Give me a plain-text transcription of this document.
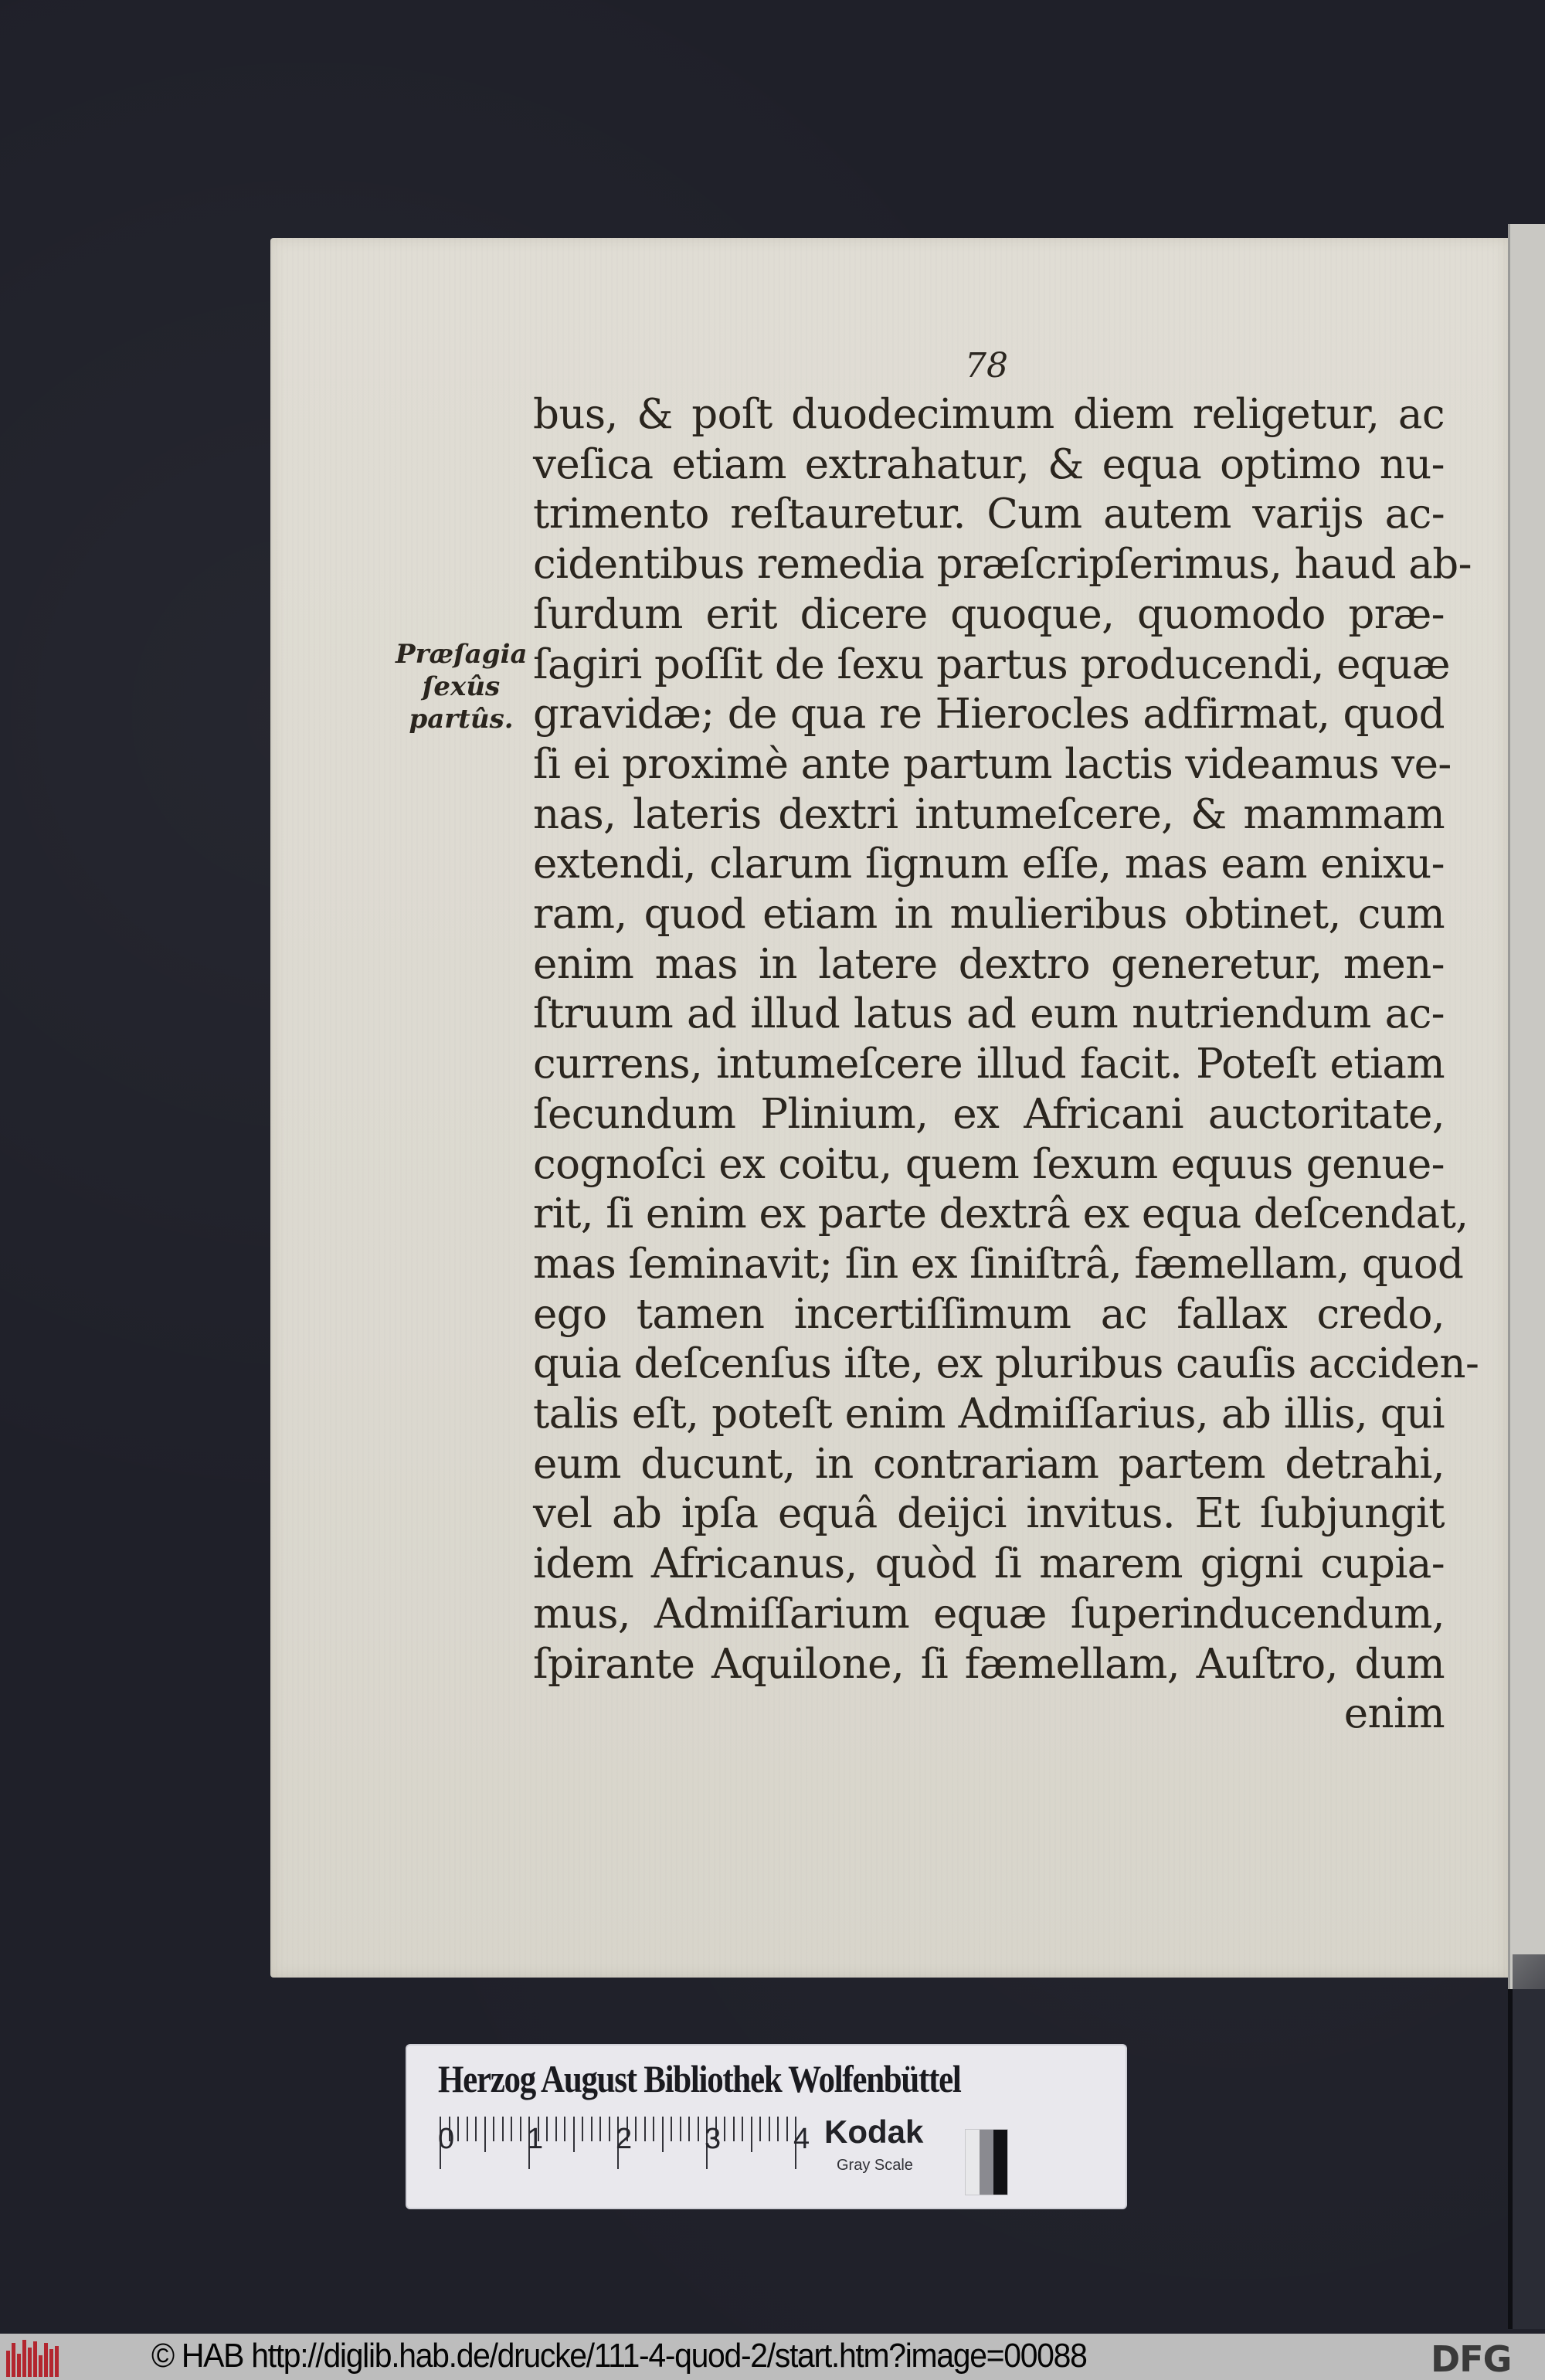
78
Præſagia
ſexûs
partûs.
bus, & poſt duodecimum diem religetur, ac
veſica etiam extrahatur, & equa optimo nu-
trimento reſtauretur. Cum autem varijs ac-
cidentibus remedia præſcripſerimus, haud ab-
ſurdum erit dicere quoque, quomodo præ-
ſagiri poſſit de ſexu partus producendi, equæ
gravidæ; de qua re Hierocles adfirmat, quod
ſi ei proximè ante partum lactis videamus ve-
nas, lateris dextri intumeſcere, & mammam
extendi, clarum ſignum eſſe, mas eam enixu-
ram, quod etiam in mulieribus obtinet, cum
enim mas in latere dextro generetur, men-
ſtruum ad illud latus ad eum nutriendum ac-
currens, intumeſcere illud facit. Poteſt etiam
ſecundum Plinium, ex Africani auctoritate,
cognoſci ex coitu, quem ſexum equus genue-
rit, ſi enim ex parte dextrâ ex equa deſcendat,
mas ſeminavit; ſin ex ſiniſtrâ, fæmellam, quod
ego tamen incertiſſimum ac fallax credo,
quia deſcenſus iſte, ex pluribus cauſis acciden-
talis eſt, poteſt enim Admiſſarius, ab illis, qui
eum ducunt, in contrariam partem detrahi,
vel ab ipſa equâ deijci invitus. Et ſubjungit
idem Africanus, quòd ſi marem gigni cupia-
mus, Admiſſarium equæ ſuperinducendum,
ſpirante Aquilone, ſi fæmellam, Auſtro, dum
enim
Herzog August Bibliothek Wolfenbüttel
0 1 2 3 4 Kodak
Gray Scale
© HAB http://diglib.hab.de/drucke/111-4-quod-2/start.htm?image=00088	DFG
